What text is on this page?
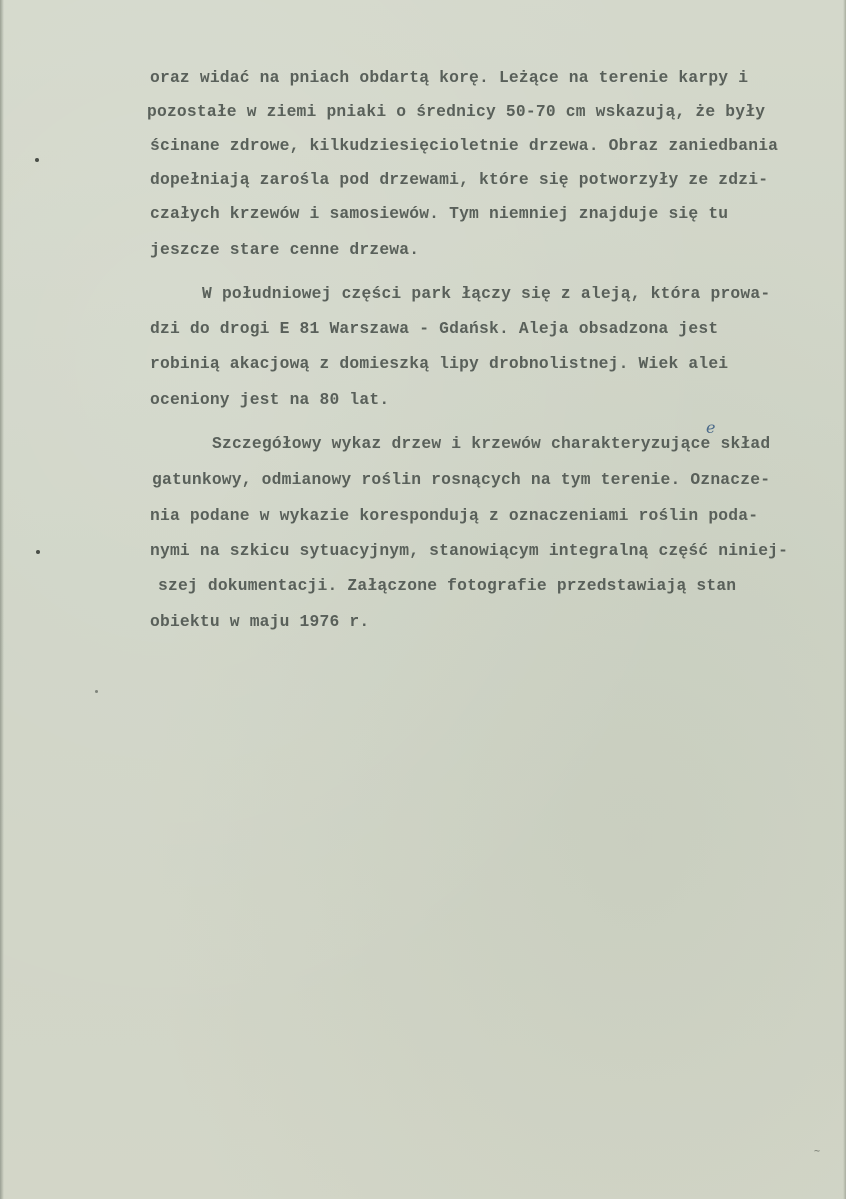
oraz widać na pniach obdartą korę. Leżące na terenie karpy i
pozostałe w ziemi pniaki o średnicy 50-70 cm wskazują, że były
ścinane zdrowe, kilkudziesięcioletnie drzewa. Obraz zaniedbania
dopełniają zarośla pod drzewami, które się potworzyły ze zdzi-
czałych krzewów i samosiewów. Tym niemniej znajduje się tu
jeszcze stare cenne drzewa.
W południowej części park łączy się z aleją, która prowa-
dzi do drogi E 81 Warszawa - Gdańsk. Aleja obsadzona jest
robinią akacjową z domieszką lipy drobnolistnej. Wiek alei
oceniony jest na 80 lat.
Szczegółowy wykaz drzew i krzewów charakteryzujące skład
gatunkowy, odmianowy roślin rosnących na tym terenie. Oznacze-
nia podane w wykazie korespondują z oznaczeniami roślin poda-
nymi na szkicu sytuacyjnym, stanowiącym integralną część niniej-
szej dokumentacji. Załączone fotografie przedstawiają stan
obiektu w maju 1976 r.
e
~
